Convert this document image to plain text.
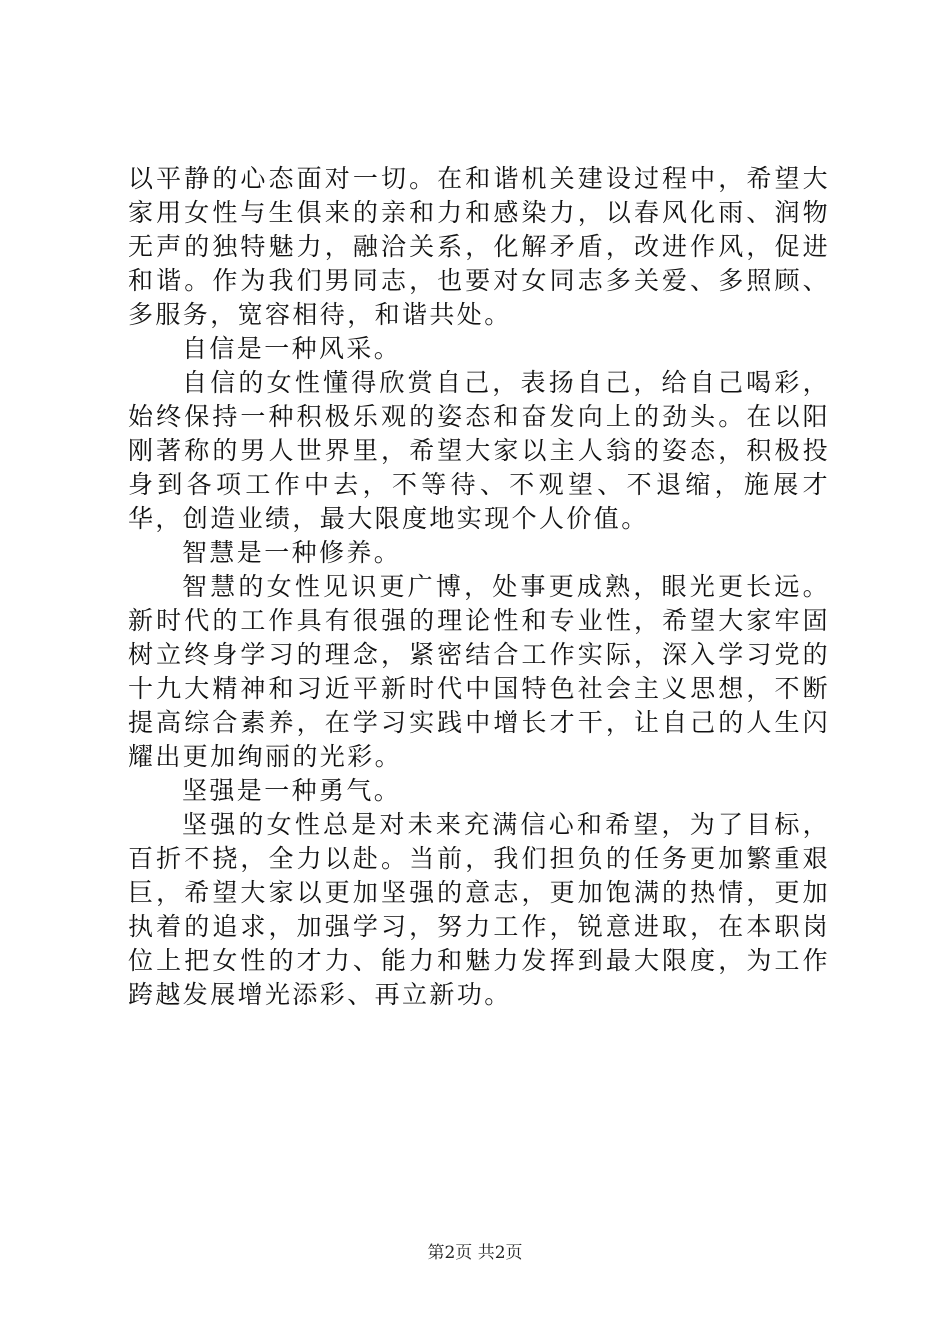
以平静的心态面对一切。在和谐机关建设过程中，希望大家用女性与生俱来的亲和力和感染力，以春风化雨、润物无声的独特魅力，融洽关系，化解矛盾，改进作风，促进和谐。作为我们男同志，也要对女同志多关爱、多照顾、多服务，宽容相待，和谐共处。

自信是一种风采。

自信的女性懂得欣赏自己，表扬自己，给自己喝彩，始终保持一种积极乐观的姿态和奋发向上的劲头。在以阳刚著称的男人世界里，希望大家以主人翁的姿态，积极投身到各项工作中去，不等待、不观望、不退缩，施展才华，创造业绩，最大限度地实现个人价值。

智慧是一种修养。

智慧的女性见识更广博，处事更成熟，眼光更长远。新时代的工作具有很强的理论性和专业性，希望大家牢固树立终身学习的理念，紧密结合工作实际，深入学习党的十九大精神和习近平新时代中国特色社会主义思想，不断提高综合素养，在学习实践中增长才干，让自己的人生闪耀出更加绚丽的光彩。

坚强是一种勇气。

坚强的女性总是对未来充满信心和希望，为了目标，百折不挠，全力以赴。当前，我们担负的任务更加繁重艰巨，希望大家以更加坚强的意志，更加饱满的热情，更加执着的追求，加强学习，努力工作，锐意进取，在本职岗位上把女性的才力、能力和魅力发挥到最大限度，为工作跨越发展增光添彩、再立新功。

第2页 共2页
